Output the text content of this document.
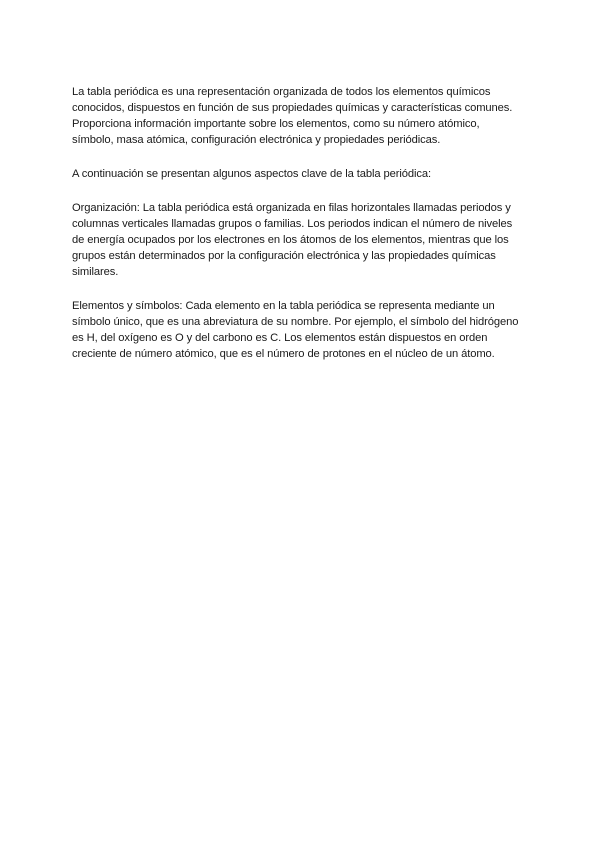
La tabla periódica es una representación organizada de todos los elementos químicos
conocidos, dispuestos en función de sus propiedades químicas y características comunes.
Proporciona información importante sobre los elementos, como su número atómico,
símbolo, masa atómica, configuración electrónica y propiedades periódicas.

A continuación se presentan algunos aspectos clave de la tabla periódica:

Organización: La tabla periódica está organizada en filas horizontales llamadas periodos y
columnas verticales llamadas grupos o familias. Los periodos indican el número de niveles
de energía ocupados por los electrones en los átomos de los elementos, mientras que los
grupos están determinados por la configuración electrónica y las propiedades químicas
similares.

Elementos y símbolos: Cada elemento en la tabla periódica se representa mediante un
símbolo único, que es una abreviatura de su nombre. Por ejemplo, el símbolo del hidrógeno
es H, del oxígeno es O y del carbono es C. Los elementos están dispuestos en orden
creciente de número atómico, que es el número de protones en el núcleo de un átomo.
